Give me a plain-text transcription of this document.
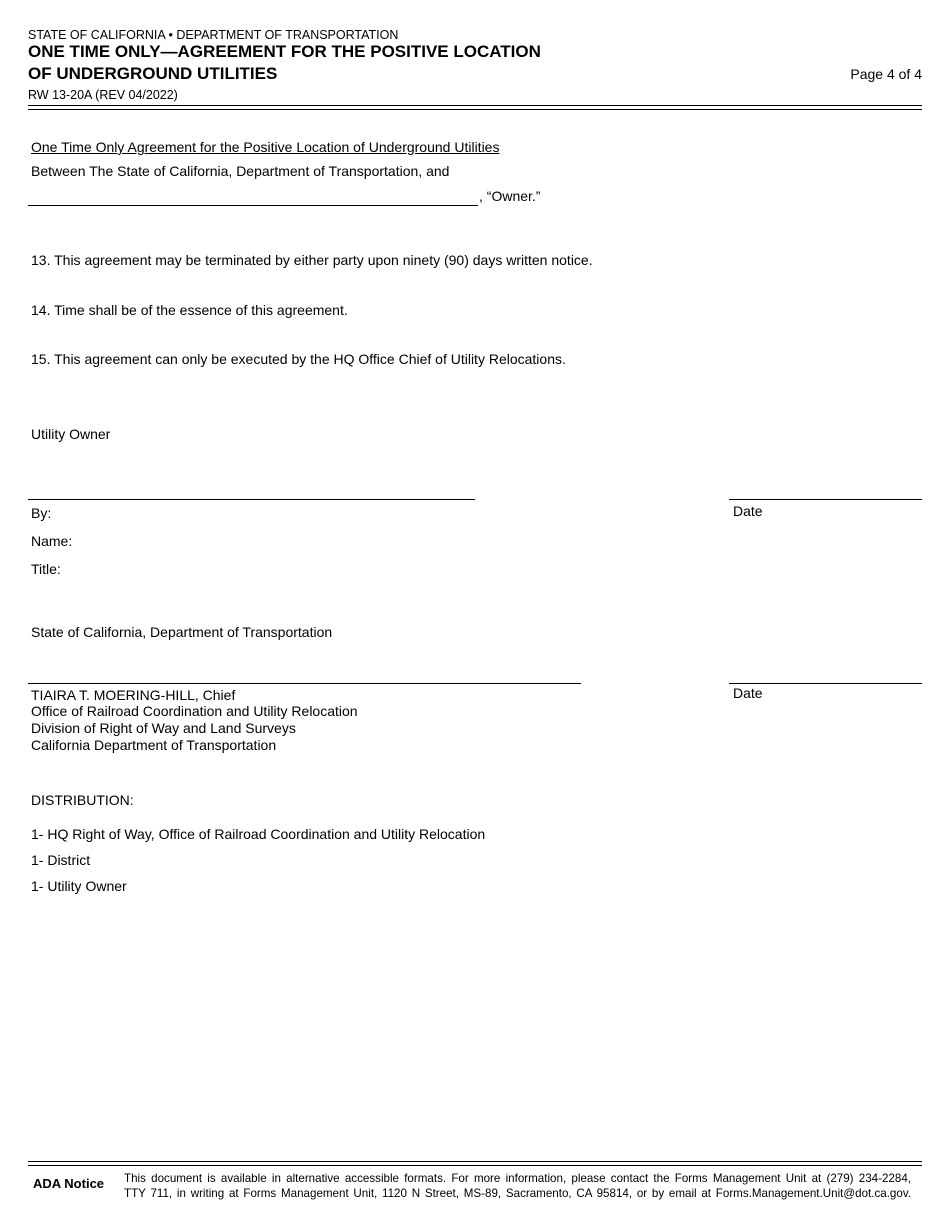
STATE OF CALIFORNIA • DEPARTMENT OF TRANSPORTATION
ONE TIME ONLY—AGREEMENT FOR THE POSITIVE LOCATION
OF UNDERGROUND UTILITIES
RW 13-20A (REV 04/2022)
Page 4 of 4
One Time Only Agreement for the Positive Location of Underground Utilities
Between The State of California, Department of Transportation, and
, “Owner.”
13. This agreement may be terminated by either party upon ninety (90) days written notice.
14. Time shall be of the essence of this agreement.
15. This agreement can only be executed by the HQ Office Chief of Utility Relocations.
Utility Owner
Date
By:
Name:
Title:
State of California, Department of Transportation
Date
TIAIRA T. MOERING-HILL, Chief
Office of Railroad Coordination and Utility Relocation
Division of Right of Way and Land Surveys
California Department of Transportation
DISTRIBUTION:
1- HQ Right of Way, Office of Railroad Coordination and Utility Relocation
1- District
1- Utility Owner
ADA Notice This document is available in alternative accessible formats. For more information, please contact the Forms Management Unit at (279) 234-2284,
TTY 711, in writing at Forms Management Unit, 1120 N Street, MS-89, Sacramento, CA 95814, or by email at Forms.Management.Unit@dot.ca.gov.
